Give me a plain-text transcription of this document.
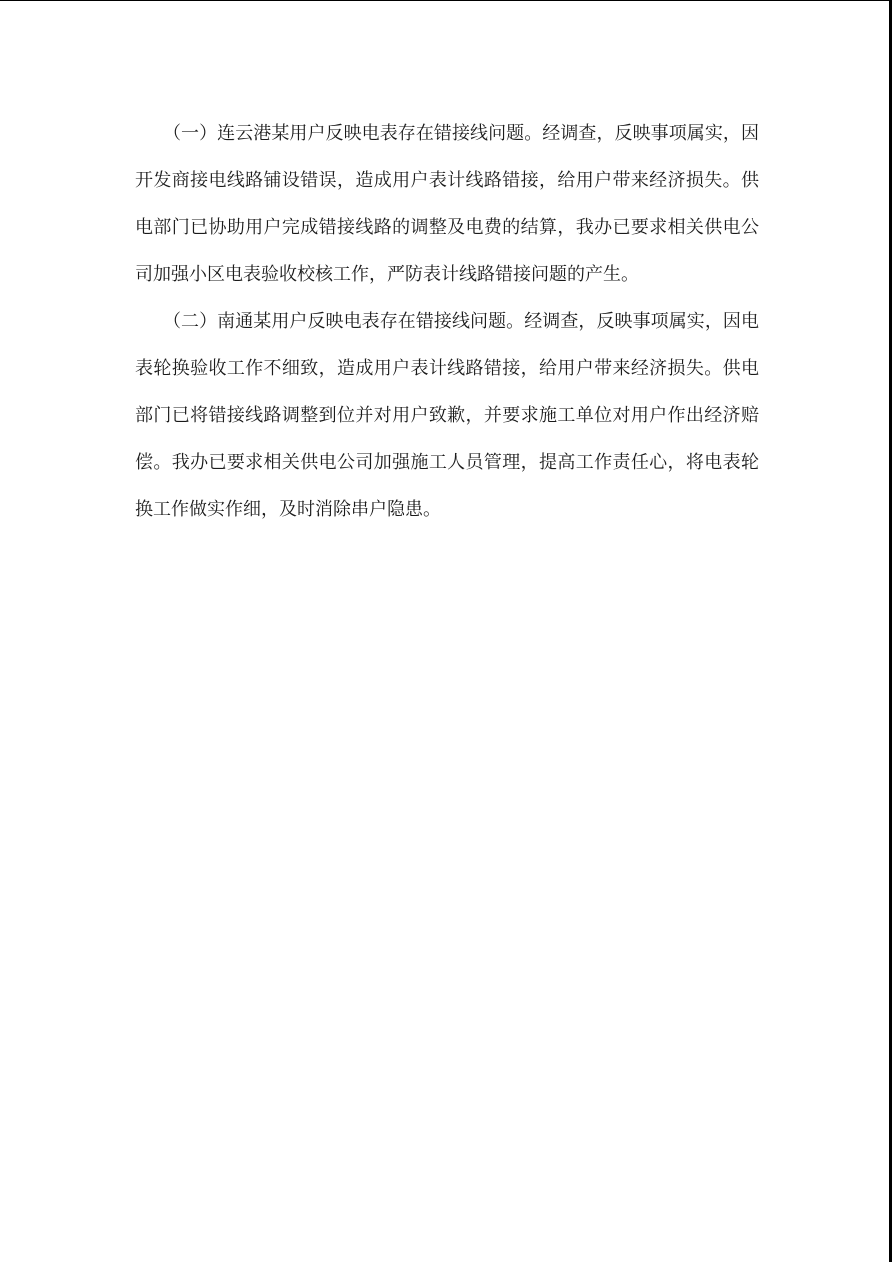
（一）连云港某用户反映电表存在错接线问题。经调查，反映事项属实，因开发商接电线路铺设错误，造成用户表计线路错接，给用户带来经济损失。供电部门已协助用户完成错接线路的调整及电费的结算，我办已要求相关供电公司加强小区电表验收校核工作，严防表计线路错接问题的产生。

（二）南通某用户反映电表存在错接线问题。经调查，反映事项属实，因电表轮换验收工作不细致，造成用户表计线路错接，给用户带来经济损失。供电部门已将错接线路调整到位并对用户致歉，并要求施工单位对用户作出经济赔偿。我办已要求相关供电公司加强施工人员管理，提高工作责任心，将电表轮换工作做实作细，及时消除串户隐患。
